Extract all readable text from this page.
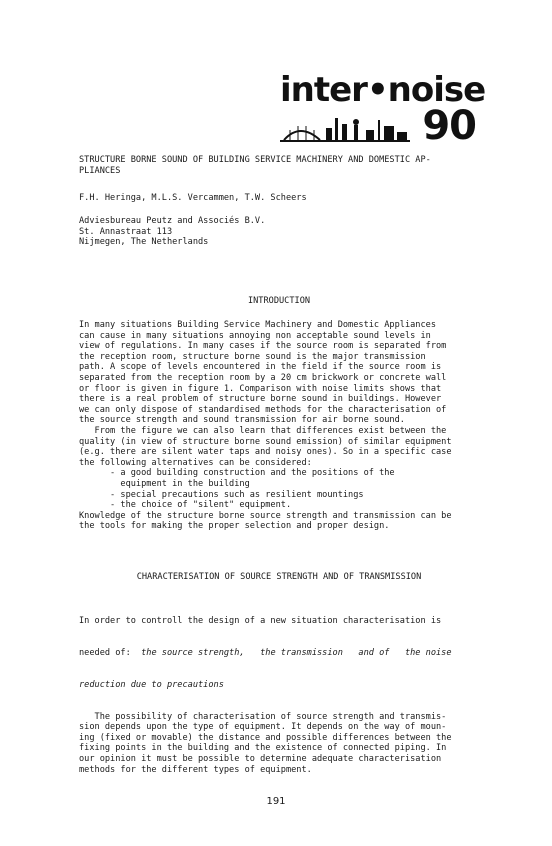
inter•noise
90
STRUCTURE BORNE SOUND OF BUILDING SERVICE MACHINERY AND DOMESTIC AP-
PLIANCES
F.H. Heringa, M.L.S. Vercammen, T.W. Scheers
Adviesbureau Peutz and Associés B.V.
St. Annastraat 113
Nijmegen, The Netherlands
INTRODUCTION
In many situations Building Service Machinery and Domestic Appliances
can cause in many situations annoying non acceptable sound levels in
view of regulations. In many cases if the source room is separated from
the reception room, structure borne sound is the major transmission
path. A scope of levels encountered in the field if the source room is
separated from the reception room by a 20 cm brickwork or concrete wall
or floor is given in figure 1. Comparison with noise limits shows that
there is a real problem of structure borne sound in buildings. However
we can only dispose of standardised methods for the characterisation of
the source strength and sound transmission for air borne sound.
From the figure we can also learn that differences exist between the
quality (in view of structure borne sound emission) of similar equipment
(e.g. there are silent water taps and noisy ones). So in a specific case
the following alternatives can be considered:
- a good building construction and the positions of the
equipment in the building
- special precautions such as resilient mountings
- the choice of "silent" equipment.
Knowledge of the structure borne source strength and transmission can be
the tools for making the proper selection and proper design.
CHARACTERISATION OF SOURCE STRENGTH AND OF TRANSMISSION

In order to controll the design of a new situation characterisation is

needed of:  the source strength,   the transmission   and of   the noise

reduction due to precautions

The possibility of characterisation of source strength and transmis-
sion depends upon the type of equipment. It depends on the way of moun-
ing (fixed or movable) the distance and possible differences between the
fixing points in the building and the existence of connected piping. In
our opinion it must be possible to determine adequate characterisation
methods for the different types of equipment.

191
